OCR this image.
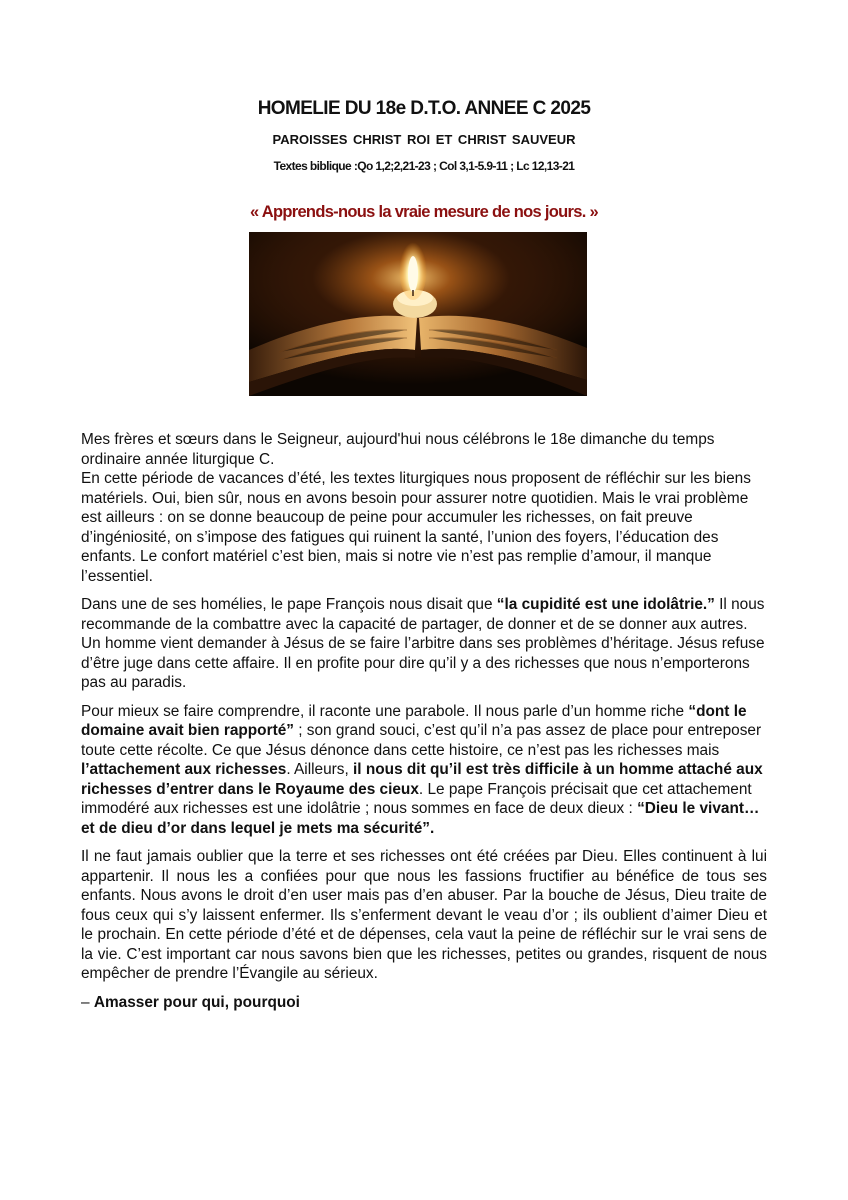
HOMELIE DU 18e D.T.O. ANNEE C 2025
PAROISSES CHRIST ROI ET CHRIST SAUVEUR
Textes biblique :Qo 1,2;2,21-23 ; Col 3,1-5.9-11 ; Lc 12,13-21
« Apprends-nous la vraie mesure de nos jours. »

Mes frères et sœurs dans le Seigneur, aujourd'hui nous célébrons le 18e dimanche du temps ordinaire année liturgique C.

En cette période de vacances d’été, les textes liturgiques nous proposent de réfléchir sur les biens matériels. Oui, bien sûr, nous en avons besoin pour assurer notre quotidien. Mais le vrai problème est ailleurs : on se donne beaucoup de peine pour accumuler les richesses, on fait preuve d’ingéniosité, on s’impose des fatigues qui ruinent la santé, l’union des foyers, l’éducation des enfants. Le confort matériel c’est bien, mais si notre vie n’est pas remplie d’amour, il manque l’essentiel.

Dans une de ses homélies, le pape François nous disait que “la cupidité est une idolâtrie.” Il nous recommande de la combattre avec la capacité de partager, de donner et de se donner aux autres. Un homme vient demander à Jésus de se faire l’arbitre dans ses problèmes d’héritage. Jésus refuse d’être juge dans cette affaire. Il en profite pour dire qu’il y a des richesses que nous n’emporterons pas au paradis.

Pour mieux se faire comprendre, il raconte une parabole. Il nous parle d’un homme riche “dont le domaine avait bien rapporté” ; son grand souci, c’est qu’il n’a pas assez de place pour entreposer toute cette récolte. Ce que Jésus dénonce dans cette histoire, ce n’est pas les richesses mais l’attachement aux richesses. Ailleurs, il nous dit qu’il est très difficile à un homme attaché aux richesses d’entrer dans le Royaume des cieux. Le pape François précisait que cet attachement immodéré aux richesses est une idolâtrie ; nous sommes en face de deux dieux : “Dieu le vivant… et de dieu d’or dans lequel je mets ma sécurité”.

Il ne faut jamais oublier que la terre et ses richesses ont été créées par Dieu. Elles continuent à lui appartenir. Il nous les a confiées pour que nous les fassions fructifier au bénéfice de tous ses enfants. Nous avons le droit d’en user mais pas d’en abuser. Par la bouche de Jésus, Dieu traite de fous ceux qui s’y laissent enfermer. Ils s’enferment devant le veau d’or ; ils oublient d’aimer Dieu et le prochain. En cette période d’été et de dépenses, cela vaut la peine de réfléchir sur le vrai sens de la vie. C’est important car nous savons bien que les richesses, petites ou grandes, risquent de nous empêcher de prendre l’Évangile au sérieux.

– Amasser pour qui, pourquoi
